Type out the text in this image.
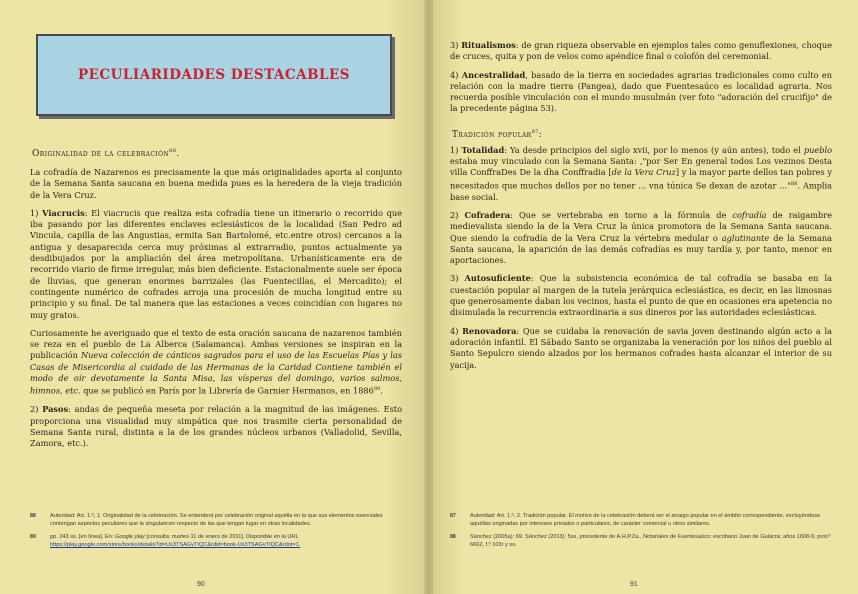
PECULIARIDADES DESTACABLES
Originalidad de la celebración$^{88}$.

La cofradía de Nazarenos es precisamente la que más originalidades aporta al conjunto de la Semana Santa saucana en buena medida pues es la heredera de la vieja tradición de la Vera Cruz.

1) Viacrucis: El viacrucis que realiza esta cofradía tiene un itinerario o recorrido que iba pasando por las diferentes enclaves eclesiásticos de la localidad (San Pedro ad Vincula, capilla de las Angustias, ermita San Bartolomé, etc.entre otros) cercanos a la antigua y desaparecida cerca muy próximas al extrarradio, puntos actualmente ya desdibujados por la ampliación del área metropolitana. Urbanísticamente era de recorrido viario de firme irregular, más bien deficiente. Estacionalmente suele ser época de lluvias, que generan enormes barrizales (las Fuentecillas, el Mercadito); el contingente numérico de cofrades arroja una procesión de mucha longitud entre su principio y su final. De tal manera que las estaciones a veces coincidían con lugares no muy gratos.

Curiosamente he averiguado que el texto de esta oración saucana de nazarenos también se reza en el pueblo de La Alberca (Salamanca). Ambas versiones se inspiran en la publicación Nueva colección de cánticos sagrados para el uso de las Escuelas Pías y las Casas de Misericordia al cuidado de las Hermanas de la Caridad Contiene también el modo de oír devotamente la Santa Misa, las vísperas del domingo, varios salmos, himnos, etc. que se publicó en París por la Librería de Garnier Hermanos, en 1886$^{89}$.

2) Pasos: andas de pequeña meseta por relación a la magnitud de las imágenes. Esto proporciona una visualidad muy simpática que nos trasmite cierta personalidad de Semana Santa rural, distinta a la de los grandes núcleos urbanos (Valladolid, Sevilla, Zamora, etc.).

88	Autoridad: Art. 1.º, 1. Originalidad de la celebración. Se entenderá por celebración original aquélla en la que sus elementos esenciales contengan aspectos peculiares que la singularicen respecto de las que tengan lugar en otras localidades.
89	pp. 243 ss. [en línea]. En: Google play [consulta: martes 11 de enero de 2011]. Disponible en la URL https://play.google.com/store/books/details?id=Ux3TSAGvTIQC&rdid=book-Ux3TSAGvTIQC&rdot=1.
90

3) Ritualismos: de gran riqueza observable en ejemplos tales como genuflexiones, choque de cruces, quita y pon de velos como apéndice final o colofón del ceremonial.

4) Ancestralidad, basado de la tierra en sociedades agrarias tradicionales como culto en relación con la madre tierra (Pangea), dado que Fuentesaúco es localidad agraria. Nos recuerda posible vinculación con el mundo musulmán (ver foto "adoración del crucifijo" de la precedente página 53).

Tradición popular$^{87}$:

1) Totalidad: Ya desde principios del siglo xvii, por lo menos (y aún antes), todo el pueblo estaba muy vinculado con la Semana Santa: ,"por Ser En general todos Los vezinos Desta villa ConffraDes De la dha Conffradia [de la Vera Cruz] y la mayor parte dellos tan pobres y necesitados que muchos dellos por no tener ... vna túnica Se dexan de azotar ..."$^{88}$. Amplia base social.

2) Cofradera: Que se vertebraba en torno a la fórmula de cofradía de raigambre medievalista siendo la de la Vera Cruz la única promotora de la Semana Santa saucana. Que siendo la cofradía de la Vera Cruz la vértebra medular o aglutinante de la Semana Santa saucana, la aparición de las demás cofradías es muy tardía y, por tanto, menor en aportaciones.

3) Autosuficiente: Que la subsistencia económica de tal cofradía se basaba en la cuestación popular al margen de la tutela jerárquica eclesiástica, es decir, en las limosnas que generosamente daban los vecinos, hasta el punto de que en ocasiones era apetencia no disimulada la recurrencia extraordinaria a sus dineros por las autoridades eclesiásticas.

4) Renovadora: Que se cuidaba la renovación de savia joven destinando algún acto a la adoración infantil. El Sábado Santo se organizaba la veneración por los niños del pueblo al Santo Sepulcro siendo alzados por los hermanos cofrades hasta alcanzar el interior de su yacija.

87	Autoridad: Art. 1.º, 2. Tradición popular. El motivo de la celebración deberá ser el arraigo popular en el ámbito correspondiente, excluyéndose aquéllas originadas por intereses privados o particulares, de carácter comercial u otros similares.
88	Sánchez (2005a): 69. Sánchez (2013): 5ss, procedente de A.H.P.Za., Notariales de Fuentesaúco: escribano Juan de Gularza; años 1608-9, prot.º 6662, f.º 103r y ss.
91
